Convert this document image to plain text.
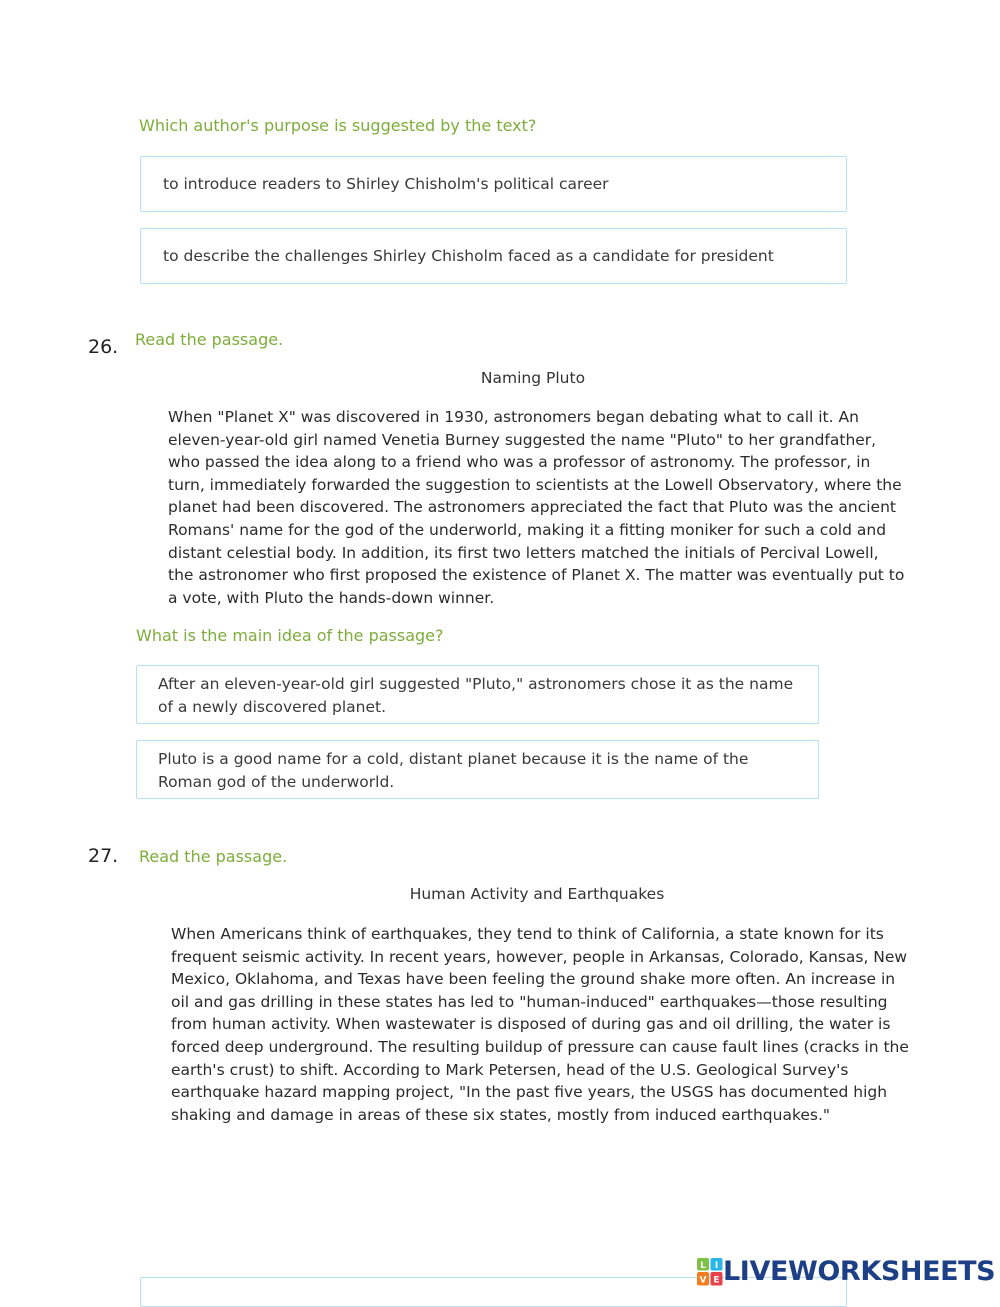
Which author's purpose is suggested by the text?
to introduce readers to Shirley Chisholm's political career
to describe the challenges Shirley Chisholm faced as a candidate for president
26. Read the passage.
Naming Pluto
When "Planet X" was discovered in 1930, astronomers began debating what to call it. An eleven-year-old girl named Venetia Burney suggested the name "Pluto" to her grandfather, who passed the idea along to a friend who was a professor of astronomy. The professor, in turn, immediately forwarded the suggestion to scientists at the Lowell Observatory, where the planet had been discovered. The astronomers appreciated the fact that Pluto was the ancient Romans' name for the god of the underworld, making it a fitting moniker for such a cold and distant celestial body. In addition, its first two letters matched the initials of Percival Lowell, the astronomer who first proposed the existence of Planet X. The matter was eventually put to a vote, with Pluto the hands-down winner.
What is the main idea of the passage?
After an eleven-year-old girl suggested "Pluto," astronomers chose it as the name of a newly discovered planet.
Pluto is a good name for a cold, distant planet because it is the name of the Roman god of the underworld.
27. Read the passage.
Human Activity and Earthquakes
When Americans think of earthquakes, they tend to think of California, a state known for its frequent seismic activity. In recent years, however, people in Arkansas, Colorado, Kansas, New Mexico, Oklahoma, and Texas have been feeling the ground shake more often. An increase in oil and gas drilling in these states has led to "human-induced" earthquakes—those resulting from human activity. When wastewater is disposed of during gas and oil drilling, the water is forced deep underground. The resulting buildup of pressure can cause fault lines (cracks in the earth's crust) to shift. According to Mark Petersen, head of the U.S. Geological Survey's earthquake hazard mapping project, "In the past five years, the USGS has documented high shaking and damage in areas of these six states, mostly from induced earthquakes."
L I
V E LIVEWORKSHEETS
